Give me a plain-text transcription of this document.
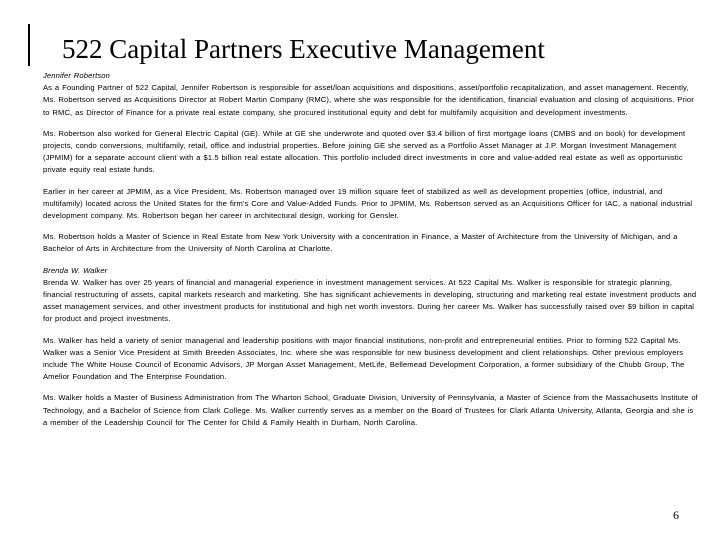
522 Capital Partners Executive Management
Jennifer Robertson

As a Founding Partner of 522 Capital, Jennifer Robertson is responsible for asset/loan acquisitions and dispositions, asset/portfolio recapitalization, and asset management. Recently, Ms. Robertson served as Acquisitions Director at Robert Martin Company (RMC), where she was responsible for the identification, financial evaluation and closing of acquisitions. Prior to RMC, as Director of Finance for a private real estate company, she procured institutional equity and debt for multifamily acquisition and development investments.

Ms. Robertson also worked for General Electric Capital (GE). While at GE she underwrote and quoted over $3.4 billion of first mortgage loans (CMBS and on book) for development projects, condo conversions, multifamily, retail, office and industrial properties. Before joining GE she served as a Portfolio Asset Manager at J.P. Morgan Investment Management (JPMIM) for a separate account client with a $1.5 billion real estate allocation. This portfolio included direct investments in core and value-added real estate as well as opportunistic private equity real estate funds.

Earlier in her career at JPMIM, as a Vice President, Ms. Robertson managed over 19 million square feet of stabilized as well as development properties (office, industrial, and multifamily) located across the United States for the firm's Core and Value-Added Funds. Prior to JPMIM, Ms. Robertson served as an Acquisitions Officer for IAC, a national industrial development company. Ms. Robertson began her career in architectural design, working for Gensler.

Ms. Robertson holds a Master of Science in Real Estate from New York University with a concentration in Finance, a Master of Architecture from the University of Michigan, and a Bachelor of Arts in Architecture from the University of North Carolina at Charlotte.

Brenda W. Walker

Brenda W. Walker has over 25 years of financial and managerial experience in investment management services. At 522 Capital Ms. Walker is responsible for strategic planning, financial restructuring of assets, capital markets research and marketing. She has significant achievements in developing, structuring and marketing real estate investment products and asset management services, and other investment products for institutional and high net worth investors. During her career Ms. Walker has successfully raised over $9 billion in capital for product and project investments.

Ms. Walker has held a variety of senior managerial and leadership positions with major financial institutions, non-profit and entrepreneurial entities. Prior to forming 522 Capital Ms. Walker was a Senior Vice President at Smith Breeden Associates, Inc. where she was responsible for new business development and client relationships. Other previous employers include The White House Council of Economic Advisors, JP Morgan Asset Management, MetLife, Bellemead Development Corporation, a former subsidiary of the Chubb Group, The Amelior Foundation and The Enterprise Foundation.

Ms. Walker holds a Master of Business Administration from The Wharton School, Graduate Division, University of Pennsylvania, a Master of Science from the Massachusetts Institute of Technology, and a Bachelor of Science from Clark College. Ms. Walker currently serves as a member on the Board of Trustees for Clark Atlanta University, Atlanta, Georgia and she is a member of the Leadership Council for The Center for Child & Family Health in Durham, North Carolina.

6
